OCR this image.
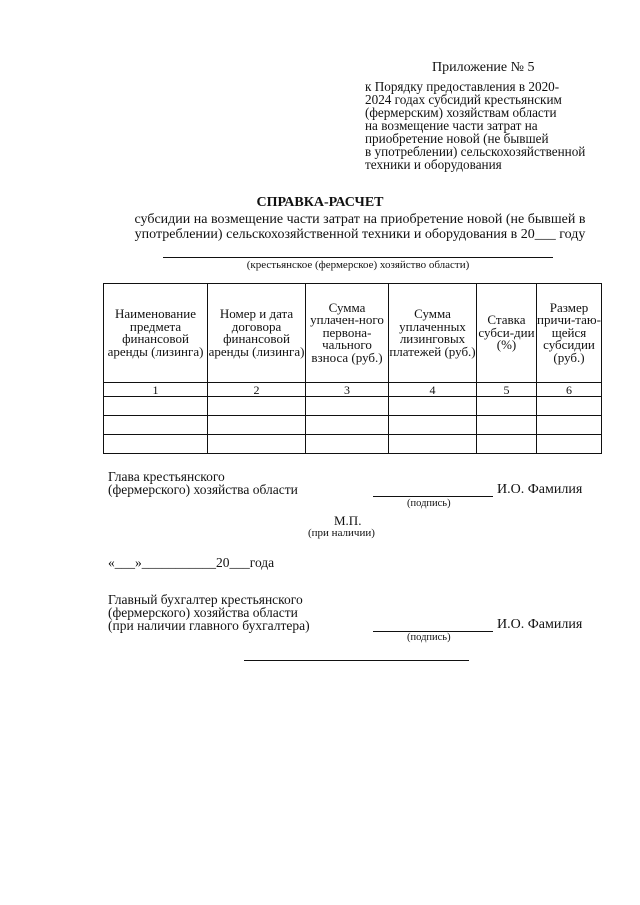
Приложение № 5
к Порядку предоставления в 2020-
2024 годах субсидий крестьянским
(фермерским) хозяйствам области
на возмещение части затрат на
приобретение новой (не бывшей
в употреблении) сельскохозяйственной
техники и оборудования
СПРАВКА-РАСЧЕТ
субсидии на возмещение части затрат на приобретение новой (не бывшей в
употреблении) сельскохозяйственной техники и оборудования в 20___ году
(крестьянское (фермерское) хозяйство области)
Наименование предмета финансовой аренды (лизинга)	Номер и дата договора финансовой аренды (лизинга)	Сумма уплачен-ного первона-чального взноса (руб.)	Сумма уплаченных лизинговых платежей (руб.)	Ставка субси-дии (%)	Размер причи-таю-щейся субсидии (руб.)
1	2	3	4	5	6

Глава крестьянского
(фермерского) хозяйства области	И.О. Фамилия
(подпись)
М.П.
(при наличии)
«___»___________20___года
Главный бухгалтер крестьянского
(фермерского) хозяйства области
(при наличии главного бухгалтера)	И.О. Фамилия
(подпись)
